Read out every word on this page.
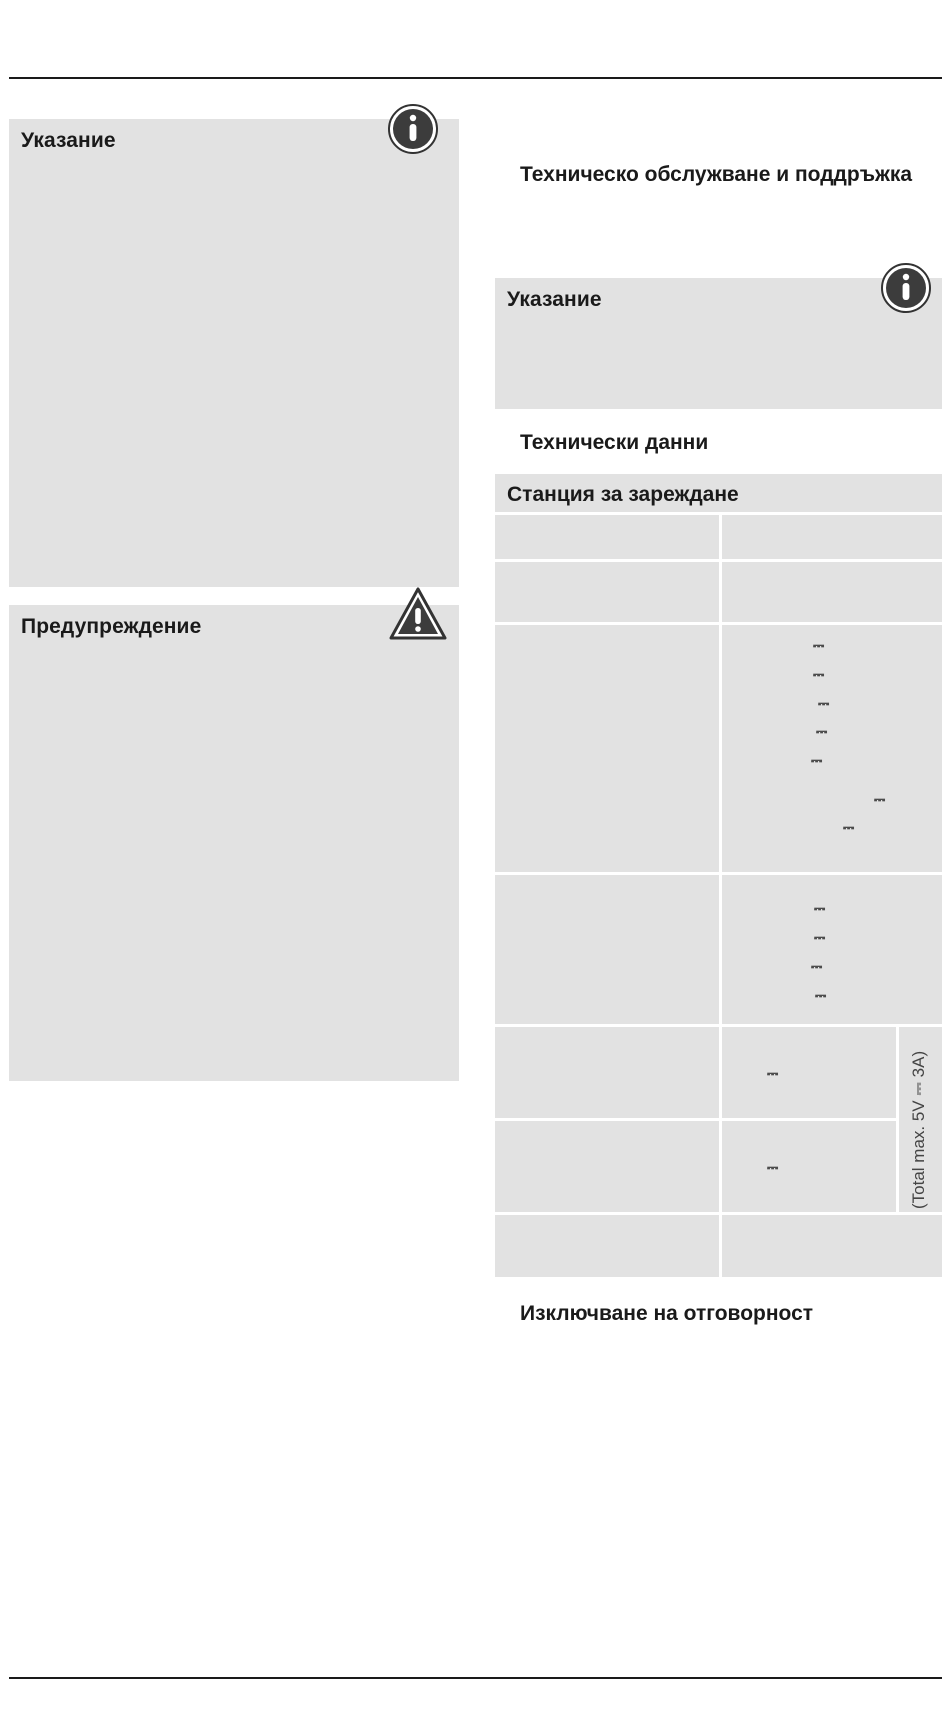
Указание
Предупреждение
Техническо обслужване и поддръжка
Указание
Технически данни
Станция за зареждане
⎓
⎓
⎓
⎓
⎓
⎓
⎓
⎓
⎓
⎓
⎓
⎓
⎓	(Total max. 5V ⎓ 3A)
Изключване на отговорност
